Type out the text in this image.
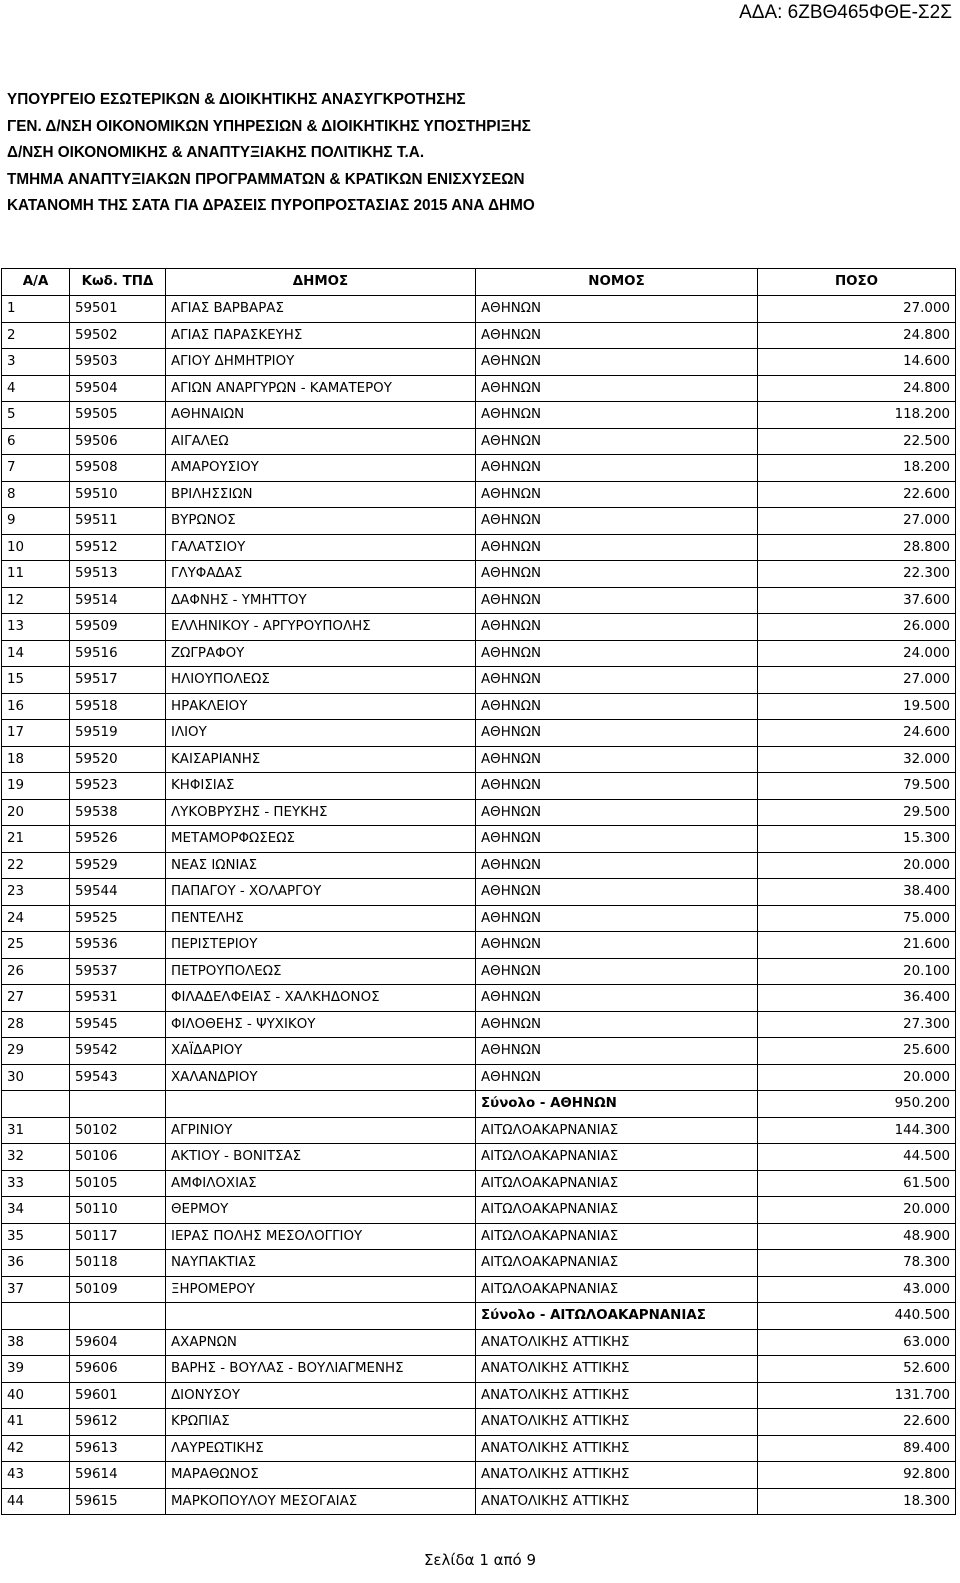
ΑΔΑ: 6ΖΒΘ465ΦΘΕ-Σ2Σ
ΥΠΟΥΡΓΕΙΟ ΕΣΩΤΕΡΙΚΩΝ & ΔΙΟΙΚΗΤΙΚΗΣ ΑΝΑΣΥΓΚΡΟΤΗΣΗΣ
ΓΕΝ. Δ/ΝΣΗ ΟΙΚΟΝΟΜΙΚΩΝ ΥΠΗΡΕΣΙΩΝ & ΔΙΟΙΚΗΤΙΚΗΣ ΥΠΟΣΤΗΡΙΞΗΣ
Δ/ΝΣΗ ΟΙΚΟΝΟΜΙΚΗΣ & ΑΝΑΠΤΥΞΙΑΚΗΣ ΠΟΛΙΤΙΚΗΣ Τ.Α.
ΤΜΗΜΑ ΑΝΑΠΤΥΞΙΑΚΩΝ ΠΡΟΓΡΑΜΜΑΤΩΝ & ΚΡΑΤΙΚΩΝ ΕΝΙΣΧΥΣΕΩΝ
ΚΑΤΑΝΟΜΗ ΤΗΣ ΣΑΤΑ ΓΙΑ ΔΡΑΣΕΙΣ ΠΥΡΟΠΡΟΣΤΑΣΙΑΣ 2015 ΑΝΑ ΔΗΜΟ
Α/Α	Κωδ. ΤΠΔ	ΔΗΜΟΣ	ΝΟΜΟΣ	ΠΟΣΟ
1	59501	ΑΓΙΑΣ ΒΑΡΒΑΡΑΣ	ΑΘΗΝΩΝ	27.000
2	59502	ΑΓΙΑΣ ΠΑΡΑΣΚΕΥΗΣ	ΑΘΗΝΩΝ	24.800
3	59503	ΑΓΙΟΥ ΔΗΜΗΤΡΙΟΥ	ΑΘΗΝΩΝ	14.600
4	59504	ΑΓΙΩΝ ΑΝΑΡΓΥΡΩΝ - ΚΑΜΑΤΕΡΟΥ	ΑΘΗΝΩΝ	24.800
5	59505	ΑΘΗΝΑΙΩΝ	ΑΘΗΝΩΝ	118.200
6	59506	ΑΙΓΑΛΕΩ	ΑΘΗΝΩΝ	22.500
7	59508	ΑΜΑΡΟΥΣΙΟΥ	ΑΘΗΝΩΝ	18.200
8	59510	ΒΡΙΛΗΣΣΙΩΝ	ΑΘΗΝΩΝ	22.600
9	59511	ΒΥΡΩΝΟΣ	ΑΘΗΝΩΝ	27.000
10	59512	ΓΑΛΑΤΣΙΟΥ	ΑΘΗΝΩΝ	28.800
11	59513	ΓΛΥΦΑΔΑΣ	ΑΘΗΝΩΝ	22.300
12	59514	ΔΑΦΝΗΣ - ΥΜΗΤΤΟΥ	ΑΘΗΝΩΝ	37.600
13	59509	ΕΛΛΗΝΙΚΟΥ - ΑΡΓΥΡΟΥΠΟΛΗΣ	ΑΘΗΝΩΝ	26.000
14	59516	ΖΩΓΡΑΦΟΥ	ΑΘΗΝΩΝ	24.000
15	59517	ΗΛΙΟΥΠΟΛΕΩΣ	ΑΘΗΝΩΝ	27.000
16	59518	ΗΡΑΚΛΕΙΟΥ	ΑΘΗΝΩΝ	19.500
17	59519	ΙΛΙΟΥ	ΑΘΗΝΩΝ	24.600
18	59520	ΚΑΙΣΑΡΙΑΝΗΣ	ΑΘΗΝΩΝ	32.000
19	59523	ΚΗΦΙΣΙΑΣ	ΑΘΗΝΩΝ	79.500
20	59538	ΛΥΚΟΒΡΥΣΗΣ - ΠΕΥΚΗΣ	ΑΘΗΝΩΝ	29.500
21	59526	ΜΕΤΑΜΟΡΦΩΣΕΩΣ	ΑΘΗΝΩΝ	15.300
22	59529	ΝΕΑΣ ΙΩΝΙΑΣ	ΑΘΗΝΩΝ	20.000
23	59544	ΠΑΠΑΓΟΥ - ΧΟΛΑΡΓΟΥ	ΑΘΗΝΩΝ	38.400
24	59525	ΠΕΝΤΕΛΗΣ	ΑΘΗΝΩΝ	75.000
25	59536	ΠΕΡΙΣΤΕΡΙΟΥ	ΑΘΗΝΩΝ	21.600
26	59537	ΠΕΤΡΟΥΠΟΛΕΩΣ	ΑΘΗΝΩΝ	20.100
27	59531	ΦΙΛΑΔΕΛΦΕΙΑΣ - ΧΑΛΚΗΔΟΝΟΣ	ΑΘΗΝΩΝ	36.400
28	59545	ΦΙΛΟΘΕΗΣ - ΨΥΧΙΚΟΥ	ΑΘΗΝΩΝ	27.300
29	59542	ΧΑΪΔΑΡΙΟΥ	ΑΘΗΝΩΝ	25.600
30	59543	ΧΑΛΑΝΔΡΙΟΥ	ΑΘΗΝΩΝ	20.000
			Σύνολο - ΑΘΗΝΩΝ	950.200
31	50102	ΑΓΡΙΝΙΟΥ	ΑΙΤΩΛΟΑΚΑΡΝΑΝΙΑΣ	144.300
32	50106	ΑΚΤΙΟΥ - ΒΟΝΙΤΣΑΣ	ΑΙΤΩΛΟΑΚΑΡΝΑΝΙΑΣ	44.500
33	50105	ΑΜΦΙΛΟΧΙΑΣ	ΑΙΤΩΛΟΑΚΑΡΝΑΝΙΑΣ	61.500
34	50110	ΘΕΡΜΟΥ	ΑΙΤΩΛΟΑΚΑΡΝΑΝΙΑΣ	20.000
35	50117	ΙΕΡΑΣ ΠΟΛΗΣ ΜΕΣΟΛΟΓΓΙΟΥ	ΑΙΤΩΛΟΑΚΑΡΝΑΝΙΑΣ	48.900
36	50118	ΝΑΥΠΑΚΤΙΑΣ	ΑΙΤΩΛΟΑΚΑΡΝΑΝΙΑΣ	78.300
37	50109	ΞΗΡΟΜΕΡΟΥ	ΑΙΤΩΛΟΑΚΑΡΝΑΝΙΑΣ	43.000
			Σύνολο - ΑΙΤΩΛΟΑΚΑΡΝΑΝΙΑΣ	440.500
38	59604	ΑΧΑΡΝΩΝ	ΑΝΑΤΟΛΙΚΗΣ ΑΤΤΙΚΗΣ	63.000
39	59606	ΒΑΡΗΣ - ΒΟΥΛΑΣ - ΒΟΥΛΙΑΓΜΕΝΗΣ	ΑΝΑΤΟΛΙΚΗΣ ΑΤΤΙΚΗΣ	52.600
40	59601	ΔΙΟΝΥΣΟΥ	ΑΝΑΤΟΛΙΚΗΣ ΑΤΤΙΚΗΣ	131.700
41	59612	ΚΡΩΠΙΑΣ	ΑΝΑΤΟΛΙΚΗΣ ΑΤΤΙΚΗΣ	22.600
42	59613	ΛΑΥΡΕΩΤΙΚΗΣ	ΑΝΑΤΟΛΙΚΗΣ ΑΤΤΙΚΗΣ	89.400
43	59614	ΜΑΡΑΘΩΝΟΣ	ΑΝΑΤΟΛΙΚΗΣ ΑΤΤΙΚΗΣ	92.800
44	59615	ΜΑΡΚΟΠΟΥΛΟΥ ΜΕΣΟΓΑΙΑΣ	ΑΝΑΤΟΛΙΚΗΣ ΑΤΤΙΚΗΣ	18.300
Σελίδα 1 από 9
